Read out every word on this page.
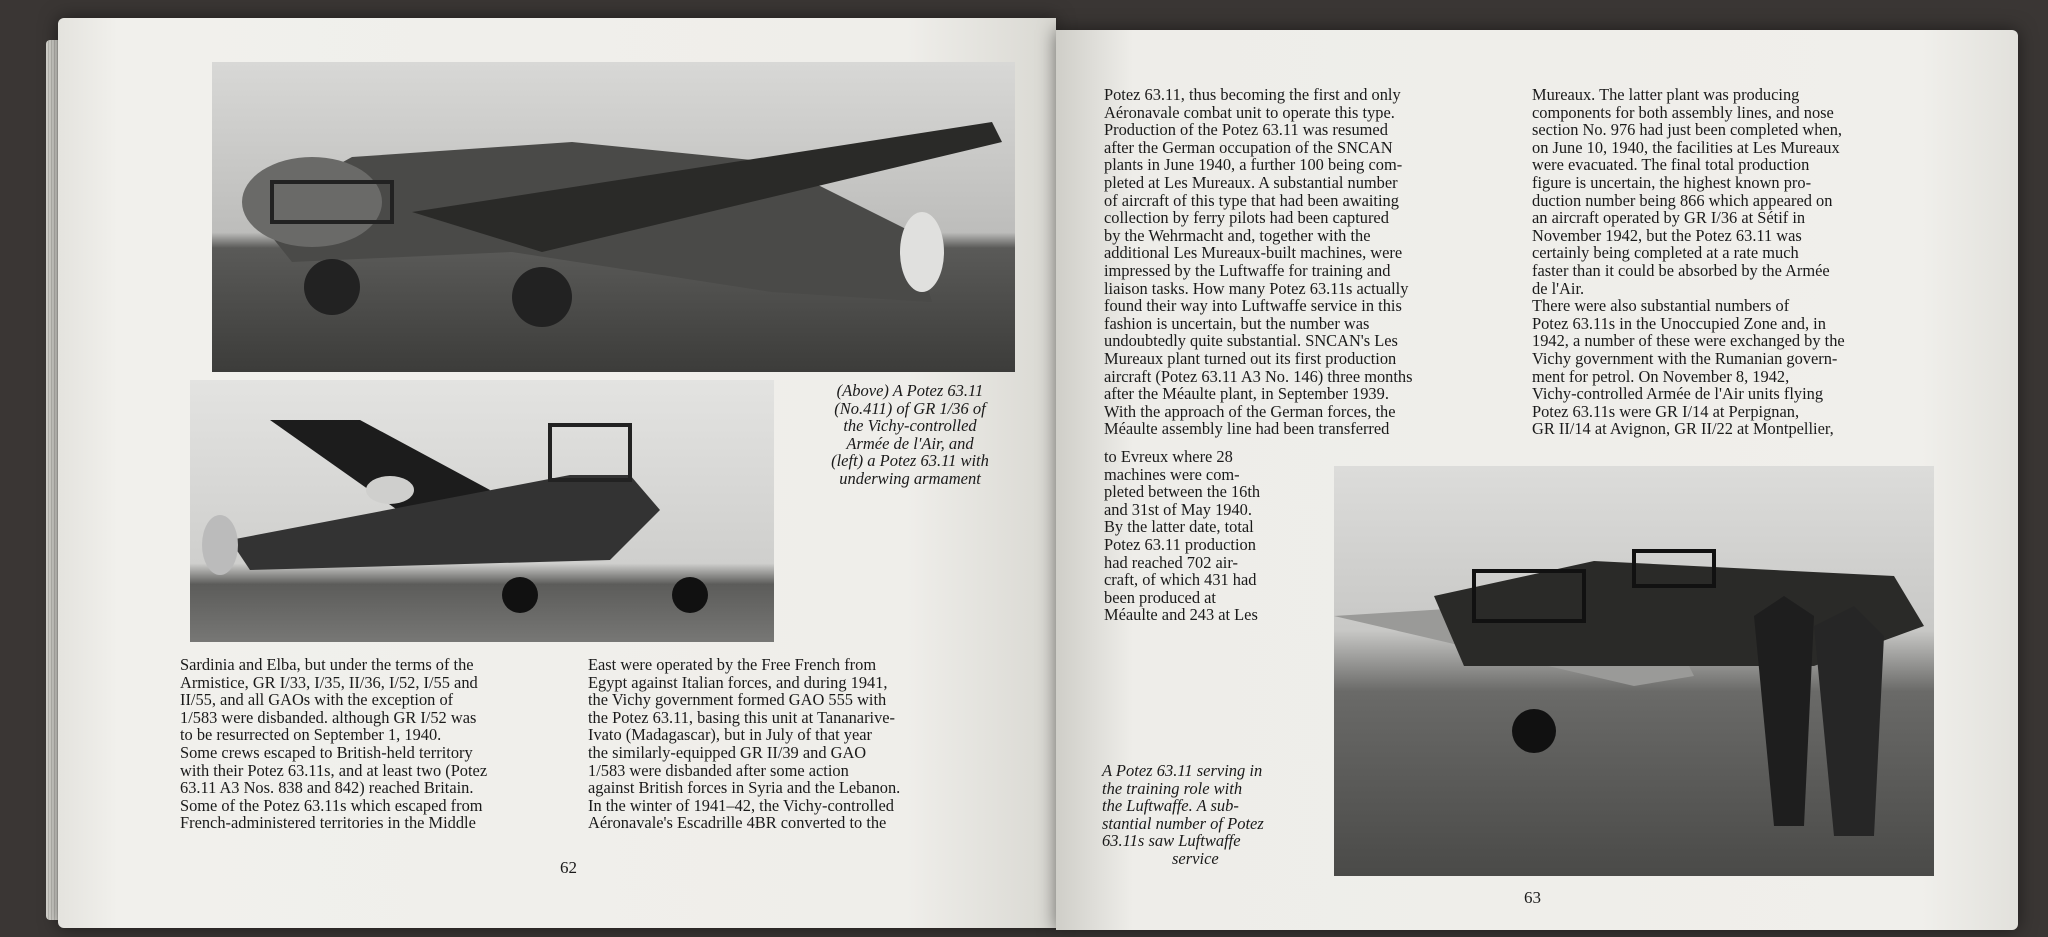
(Above) A Potez 63.11
(No.411) of GR 1/36 of
the Vichy-controlled
Armée de l'Air, and
(left) a Potez 63.11 with
underwing armament

Sardinia and Elba, but under the terms of the

Armistice, GR I/33, I/35, II/36, I/52, I/55 and

II/55, and all GAOs with the exception of

1/583 were disbanded. although GR I/52 was

to be resurrected on September 1, 1940.

Some crews escaped to British-held territory

with their Potez 63.11s, and at least two (Potez

63.11 A3 Nos. 838 and 842) reached Britain.

Some of the Potez 63.11s which escaped from

French-administered territories in the Middle

East were operated by the Free French from

Egypt against Italian forces, and during 1941,

the Vichy government formed GAO 555 with

the Potez 63.11, basing this unit at Tananarive-

Ivato (Madagascar), but in July of that year

the similarly-equipped GR II/39 and GAO

1/583 were disbanded after some action

against British forces in Syria and the Lebanon.

In the winter of 1941–42, the Vichy-controlled

Aéronavale's Escadrille 4BR converted to the

62

Potez 63.11, thus becoming the first and only

Aéronavale combat unit to operate this type.

Production of the Potez 63.11 was resumed

after the German occupation of the SNCAN

plants in June 1940, a further 100 being com-

pleted at Les Mureaux. A substantial number

of aircraft of this type that had been awaiting

collection by ferry pilots had been captured

by the Wehrmacht and, together with the

additional Les Mureaux-built machines, were

impressed by the Luftwaffe for training and

liaison tasks. How many Potez 63.11s actually

found their way into Luftwaffe service in this

fashion is uncertain, but the number was

undoubtedly quite substantial. SNCAN's Les

Mureaux plant turned out its first production

aircraft (Potez 63.11 A3 No. 146) three months

after the Méaulte plant, in September 1939.

With the approach of the German forces, the

Méaulte assembly line had been transferred

to Evreux where 28

machines were com-

pleted between the 16th

and 31st of May 1940.

By the latter date, total

Potez 63.11 production

had reached 702 air-

craft, of which 431 had

been produced at

Méaulte and 243 at Les

Mureaux. The latter plant was producing

components for both assembly lines, and nose

section No. 976 had just been completed when,

on June 10, 1940, the facilities at Les Mureaux

were evacuated. The final total production

figure is uncertain, the highest known pro-

duction number being 866 which appeared on

an aircraft operated by GR I/36 at Sétif in

November 1942, but the Potez 63.11 was

certainly being completed at a rate much

faster than it could be absorbed by the Armée

de l'Air.

There were also substantial numbers of

Potez 63.11s in the Unoccupied Zone and, in

1942, a number of these were exchanged by the

Vichy government with the Rumanian govern-

ment for petrol. On November 8, 1942,

Vichy-controlled Armée de l'Air units flying

Potez 63.11s were GR I/14 at Perpignan,

GR II/14 at Avignon, GR II/22 at Montpellier,

A Potez 63.11 serving in
the training role with
the Luftwaffe. A sub-
stantial number of Potez
63.11s saw Luftwaffe
service
63
